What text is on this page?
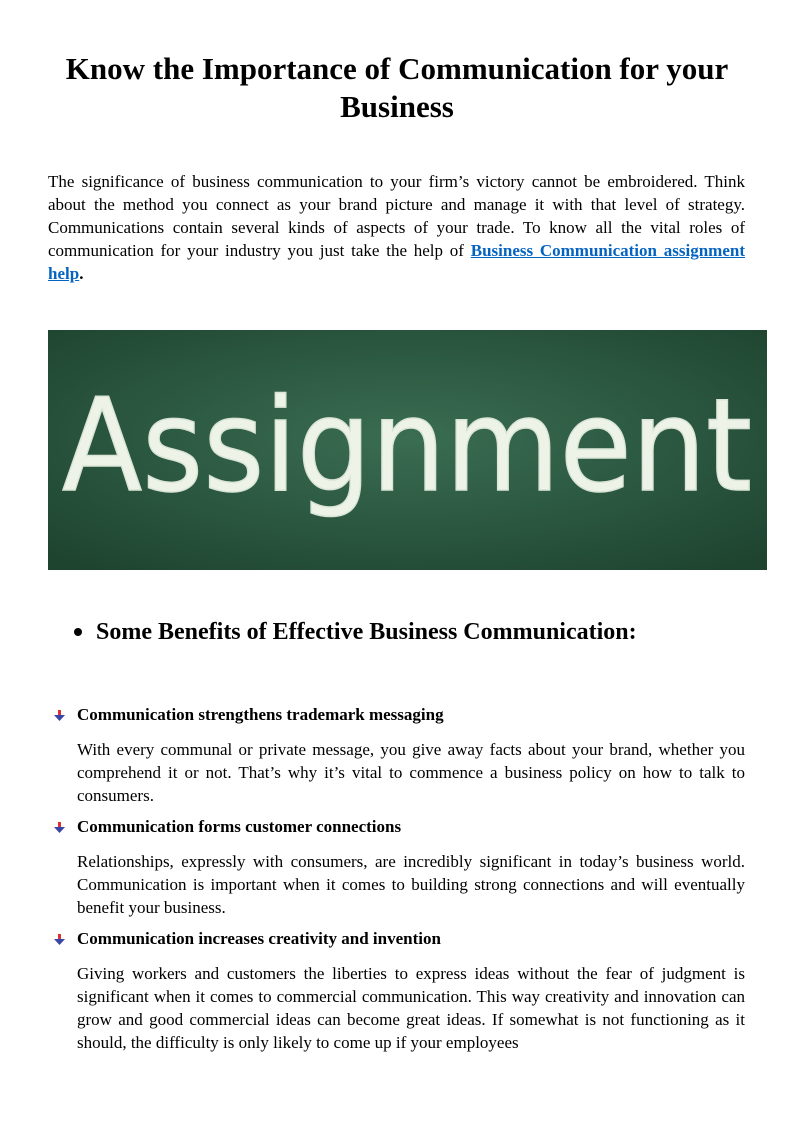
Know the Importance of Communication for your Business

The significance of business communication to your firm’s victory cannot be embroidered. Think about the method you connect as your brand picture and manage it with that level of strategy. Communications contain several kinds of aspects of your trade. To know all the vital roles of communication for your industry you just take the help of Business Communication assignment help.

Assignment
Some Benefits of Effective Business Communication:
Communication strengthens trademark messaging
With every communal or private message, you give away facts about your brand, whether you comprehend it or not. That’s why it’s vital to commence a business policy on how to talk to consumers.
Communication forms customer connections
Relationships, expressly with consumers, are incredibly significant in today’s business world. Communication is important when it comes to building strong connections and will eventually benefit your business.
Communication increases creativity and invention
Giving workers and customers the liberties to express ideas without the fear of judgment is significant when it comes to commercial communication. This way creativity and innovation can grow and good commercial ideas can become great ideas. If somewhat is not functioning as it should, the difficulty is only likely to come up if your employees
